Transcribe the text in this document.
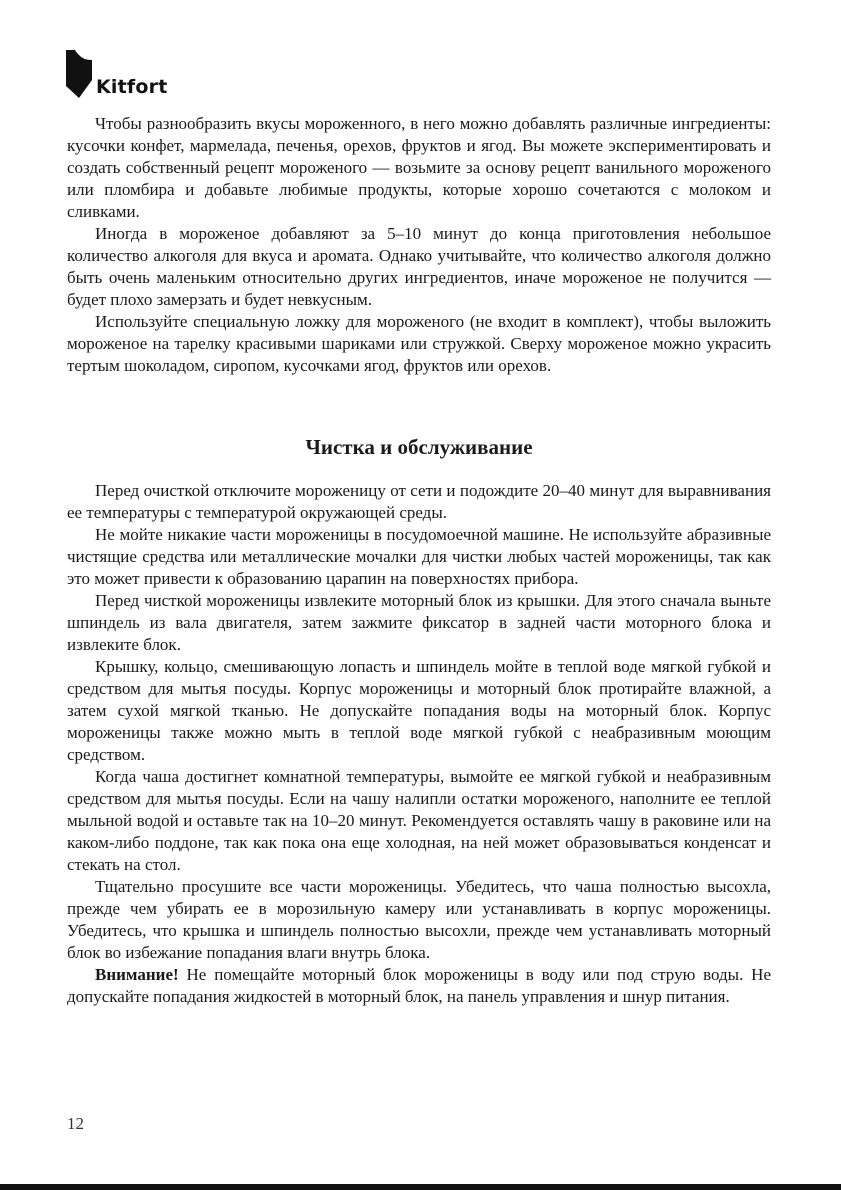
Kitfort

Чтобы разнообразить вкусы мороженного, в него можно добавлять различные ингредиенты: кусочки конфет, мармелада, печенья, орехов, фруктов и ягод. Вы можете экспериментировать и создать собственный рецепт мороженого — возьмите за основу рецепт ванильного мороженого или пломбира и добавьте любимые продукты, которые хорошо сочетаются с молоком и сливками.

Иногда в мороженое добавляют за 5–10 минут до конца приготовления небольшое количество алкоголя для вкуса и аромата. Однако учитывайте, что количество алкоголя должно быть очень маленьким относительно других ингредиентов, иначе мороженое не получится — будет плохо замерзать и будет невкусным.

Используйте специальную ложку для мороженого (не входит в комплект), чтобы выложить мороженое на тарелку красивыми шариками или стружкой. Сверху мороженое можно украсить тертым шоколадом, сиропом, кусочками ягод, фруктов или орехов.

Чистка и обслуживание

Перед очисткой отключите мороженицу от сети и подождите 20–40 минут для выравнивания ее температуры с температурой окружающей среды.

Не мойте никакие части мороженицы в посудомоечной машине. Не используйте абразивные чистящие средства или металлические мочалки для чистки любых частей мороженицы, так как это может привести к образованию царапин на поверхностях прибора.

Перед чисткой мороженицы извлеките моторный блок из крышки. Для этого сначала выньте шпиндель из вала двигателя, затем зажмите фиксатор в задней части моторного блока и извлеките блок.

Крышку, кольцо, смешивающую лопасть и шпиндель мойте в теплой воде мягкой губкой и средством для мытья посуды. Корпус мороженицы и моторный блок протирайте влажной, а затем сухой мягкой тканью. Не допускайте попадания воды на моторный блок. Корпус мороженицы также можно мыть в теплой воде мягкой губкой с неабразивным моющим средством.

Когда чаша достигнет комнатной температуры, вымойте ее мягкой губкой и неабразивным средством для мытья посуды. Если на чашу налипли остатки мороженого, наполните ее теплой мыльной водой и оставьте так на 10–20 минут. Рекомендуется оставлять чашу в раковине или на каком-либо поддоне, так как пока она еще холодная, на ней может образовываться конденсат и стекать на стол.

Тщательно просушите все части мороженицы. Убедитесь, что чаша полностью высохла, прежде чем убирать ее в морозильную камеру или устанавливать в корпус мороженицы. Убедитесь, что крышка и шпиндель полностью высохли, прежде чем устанавливать моторный блок во избежание попадания влаги внутрь блока.

Внимание! Не помещайте моторный блок мороженицы в воду или под струю воды. Не допускайте попадания жидкостей в моторный блок, на панель управления и шнур питания.

12
